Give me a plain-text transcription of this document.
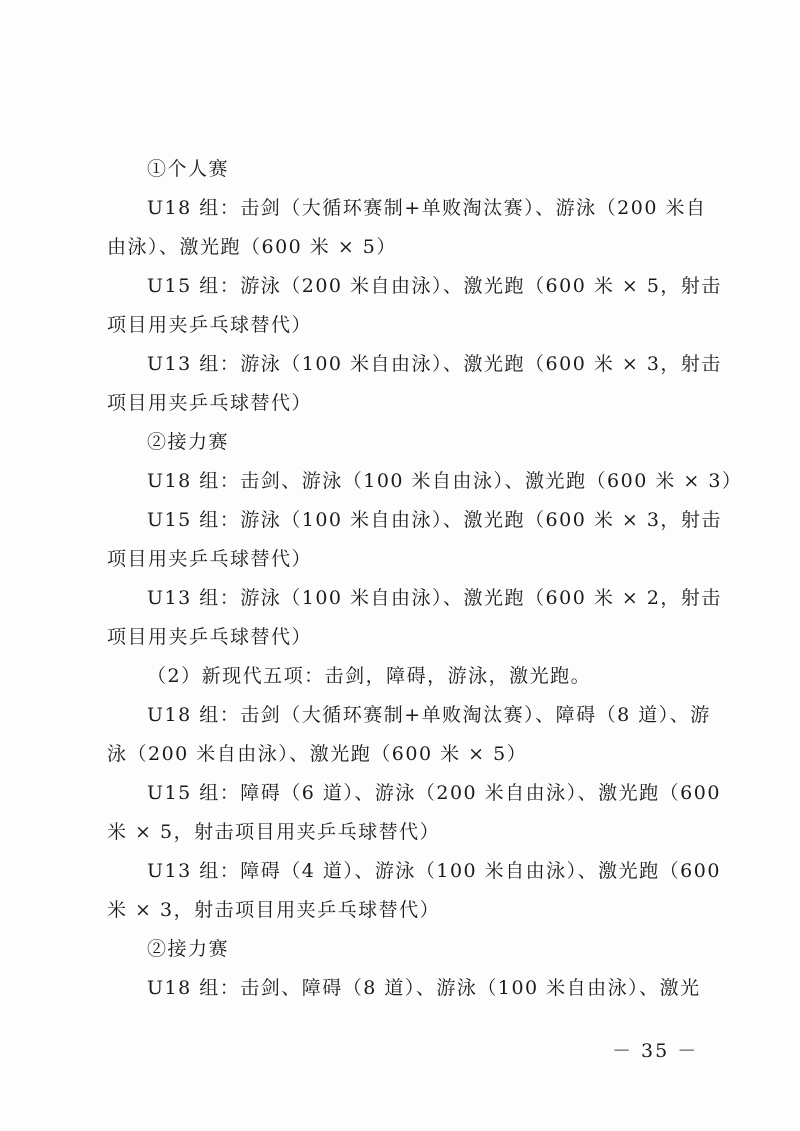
①个人赛
U18 组：击剑（大循环赛制+单败淘汰赛）、游泳（200 米自
由泳）、激光跑（600 米 × 5）
U15 组：游泳（200 米自由泳）、激光跑（600 米 × 5，射击
项目用夹乒乓球替代）
U13 组：游泳（100 米自由泳）、激光跑（600 米 × 3，射击
项目用夹乒乓球替代）
②接力赛
U18 组：击剑、游泳（100 米自由泳）、激光跑（600 米 × 3）
U15 组：游泳（100 米自由泳）、激光跑（600 米 × 3，射击
项目用夹乒乓球替代）
U13 组：游泳（100 米自由泳）、激光跑（600 米 × 2，射击
项目用夹乒乓球替代）
（2）新现代五项：击剑，障碍，游泳，激光跑。
U18 组：击剑（大循环赛制+单败淘汰赛）、障碍（8 道）、游
泳（200 米自由泳）、激光跑（600 米 × 5）
U15 组：障碍（6 道）、游泳（200 米自由泳）、激光跑（600
米 × 5，射击项目用夹乒乓球替代）
U13 组：障碍（4 道）、游泳（100 米自由泳）、激光跑（600
米 × 3，射击项目用夹乒乓球替代）
②接力赛
U18 组：击剑、障碍（8 道）、游泳（100 米自由泳）、激光
－ 35 －
